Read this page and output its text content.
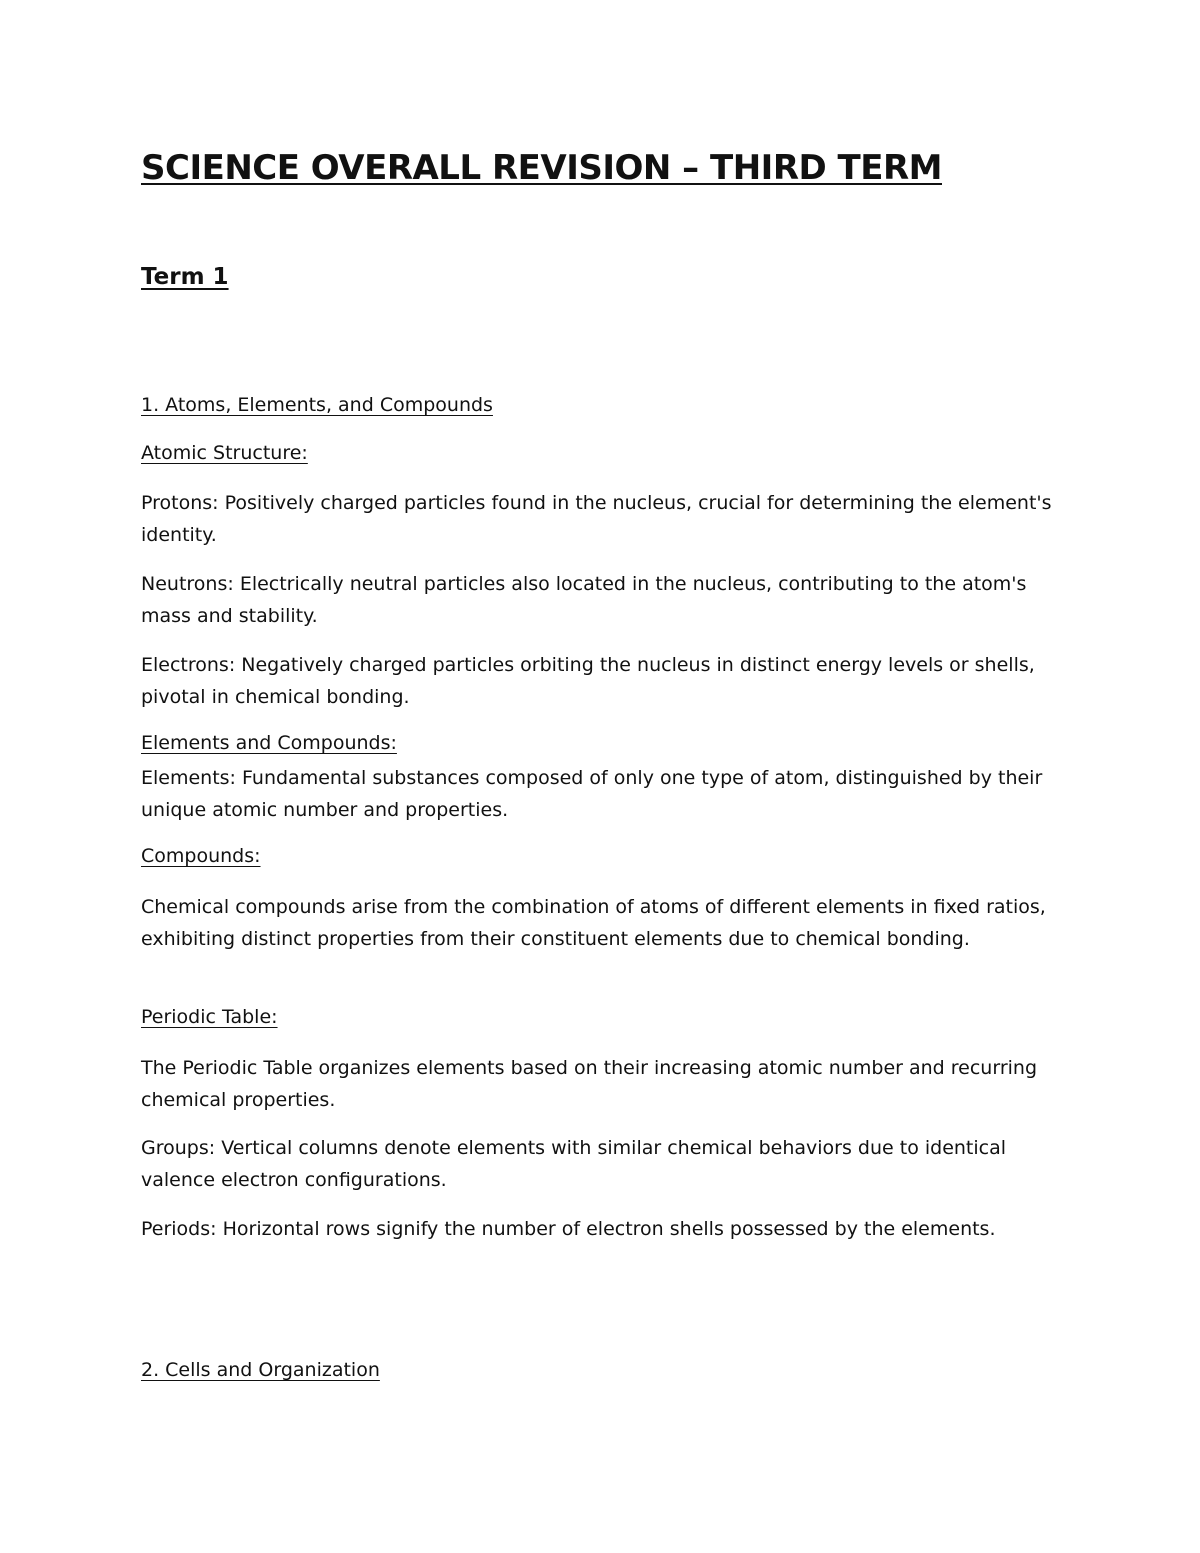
SCIENCE OVERALL REVISION – THIRD TERM
Term 1
1. Atoms, Elements, and Compounds
Atomic Structure:

Protons: Positively charged particles found in the nucleus, crucial for determining the element's identity.

Neutrons: Electrically neutral particles also located in the nucleus, contributing to the atom's mass and stability.

Electrons: Negatively charged particles orbiting the nucleus in distinct energy levels or shells, pivotal in chemical bonding.

Elements and Compounds:

Elements: Fundamental substances composed of only one type of atom, distinguished by their unique atomic number and properties.

Compounds:

Chemical compounds arise from the combination of atoms of different elements in fixed ratios, exhibiting distinct properties from their constituent elements due to chemical bonding.

Periodic Table:

The Periodic Table organizes elements based on their increasing atomic number and recurring chemical properties.

Groups: Vertical columns denote elements with similar chemical behaviors due to identical valence electron configurations.

Periods: Horizontal rows signify the number of electron shells possessed by the elements.

2. Cells and Organization
